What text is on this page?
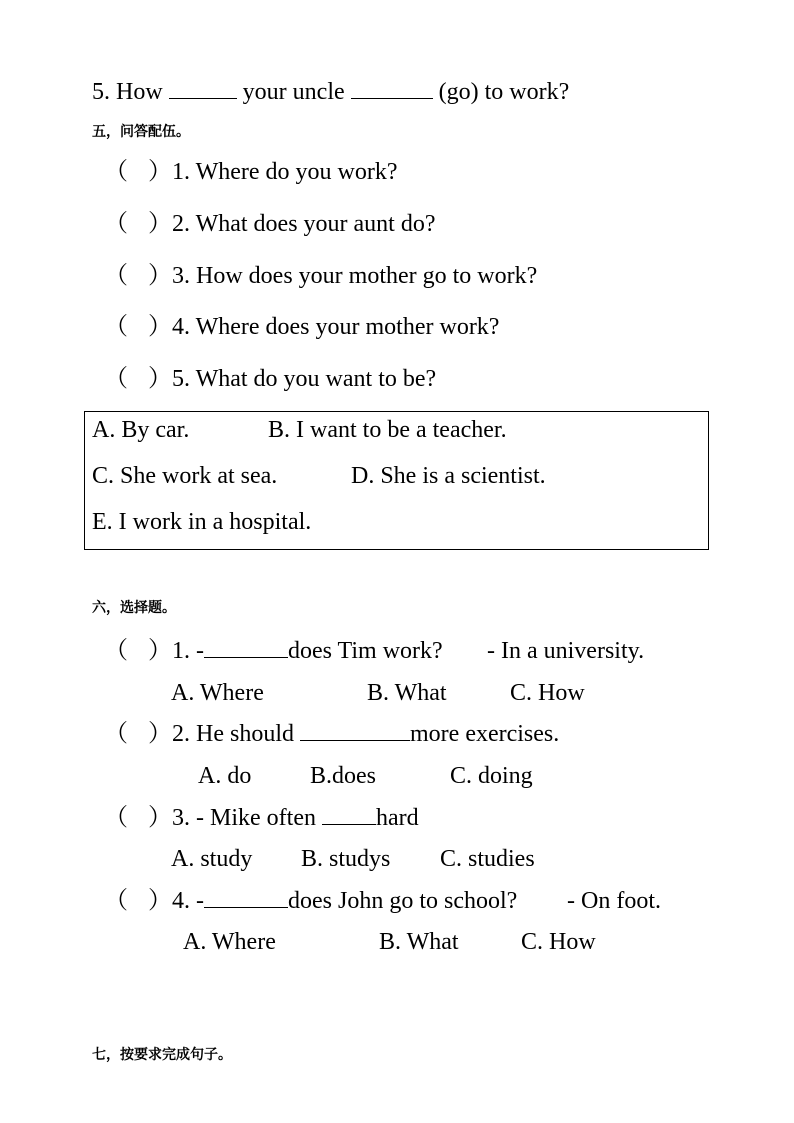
5. How	your uncle	(go) to work?
五，问答配伍。
（ ）1. Where do you work?
（ ）2. What does your aunt do?
（ ）3. How does your mother go to work?
（ ）4. Where does your mother work?
（ ）5. What do you want to be?
A. By car.	B. I want to be a teacher.
C. She work at sea.	D. She is a scientist.
E. I work in a hospital.
六，选择题。
（ ）1. -	does Tim work? - In a university.
A. Where	B. What	C. How
（ ）2. He should	more exercises.
A. do B.does	C. doing
（ ）3. - Mike often	hard
A. study B. studys C. studies
（ ）4. -	does John go to school? - On foot.
A. Where	B. What	C. How
七，按要求完成句子。
